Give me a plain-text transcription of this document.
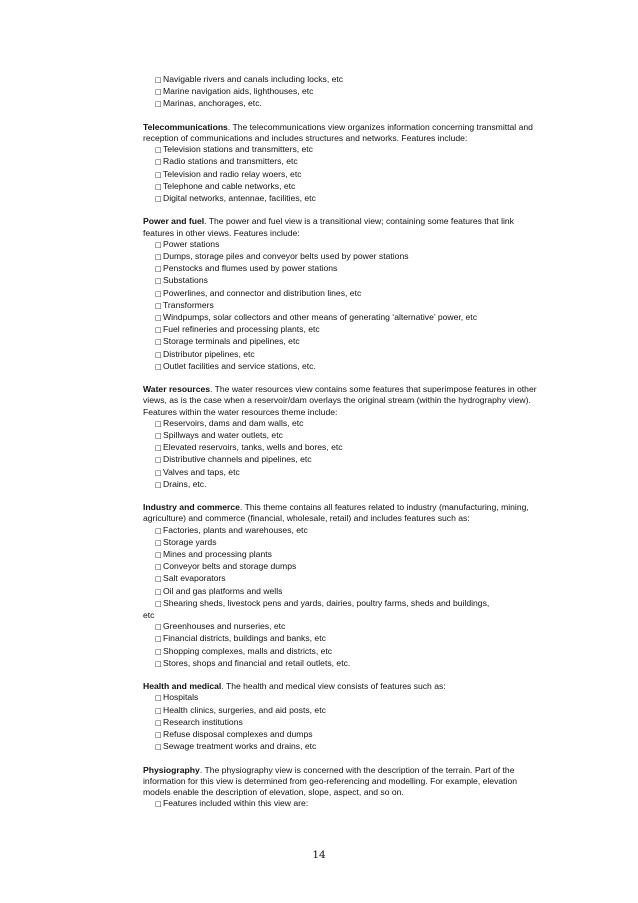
□Navigable rivers and canals including locks, etc
□Marine navigation aids, lighthouses, etc
□Marinas, anchorages, etc.
Telecommunications. The telecommunications view organizes information concerning transmittal and reception of communications and includes structures and networks. Features include:
□Television stations and transmitters, etc
□Radio stations and transmitters, etc
□Television and radio relay woers, etc
□Telephone and cable networks, etc
□Digital networks, antennae, facilities, etc
Power and fuel. The power and fuel view is a transitional view; containing some features that link features in other views. Features include:
□Power stations
□Dumps, storage piles and conveyor belts used by power stations
□Penstocks and flumes used by power stations
□Substations
□Powerlines, and connector and distribution lines, etc
□Transformers
□Windpumps, solar collectors and other means of generating ‘alternative’ power, etc
□Fuel refineries and processing plants, etc
□Storage terminals and pipelines, etc
□Distributor pipelines, etc
□Outlet facilities and service stations, etc.
Water resources. The water resources view contains some features that superimpose features in other views, as is the case when a reservoir/dam overlays the original stream (within the hydrography view). Features within the water resources theme include:
□Reservoirs, dams and dam walls, etc
□Spillways and water outlets, etc
□Elevated reservoirs, tanks, wells and bores, etc
□Distributive channels and pipelines, etc
□Valves and taps, etc
□Drains, etc.
Industry and commerce. This theme contains all features related to industry (manufacturing, mining, agriculture) and commerce (financial, wholesale, retail) and includes features such as:
□Factories, plants and warehouses, etc
□Storage yards
□Mines and processing plants
□Conveyor belts and storage dumps
□Salt evaporators
□Oil and gas platforms and wells
□Shearing sheds, livestock pens and yards, dairies, poultry farms, sheds and buildings,
etc
□Greenhouses and nurseries, etc
□Financial districts, buildings and banks, etc
□Shopping complexes, malls and districts, etc
□Stores, shops and financial and retail outlets, etc.
Health and medical. The health and medical view consists of features such as:
□Hospitals
□Health clinics, surgeries, and aid posts, etc
□Research institutions
□Refuse disposal complexes and dumps
□Sewage treatment works and drains, etc
Physiography. The physiography view is concerned with the description of the terrain. Part of the information for this view is determined from geo-referencing and modelling. For example, elevation models enable the description of elevation, slope, aspect, and so on.
□Features included within this view are:
14
